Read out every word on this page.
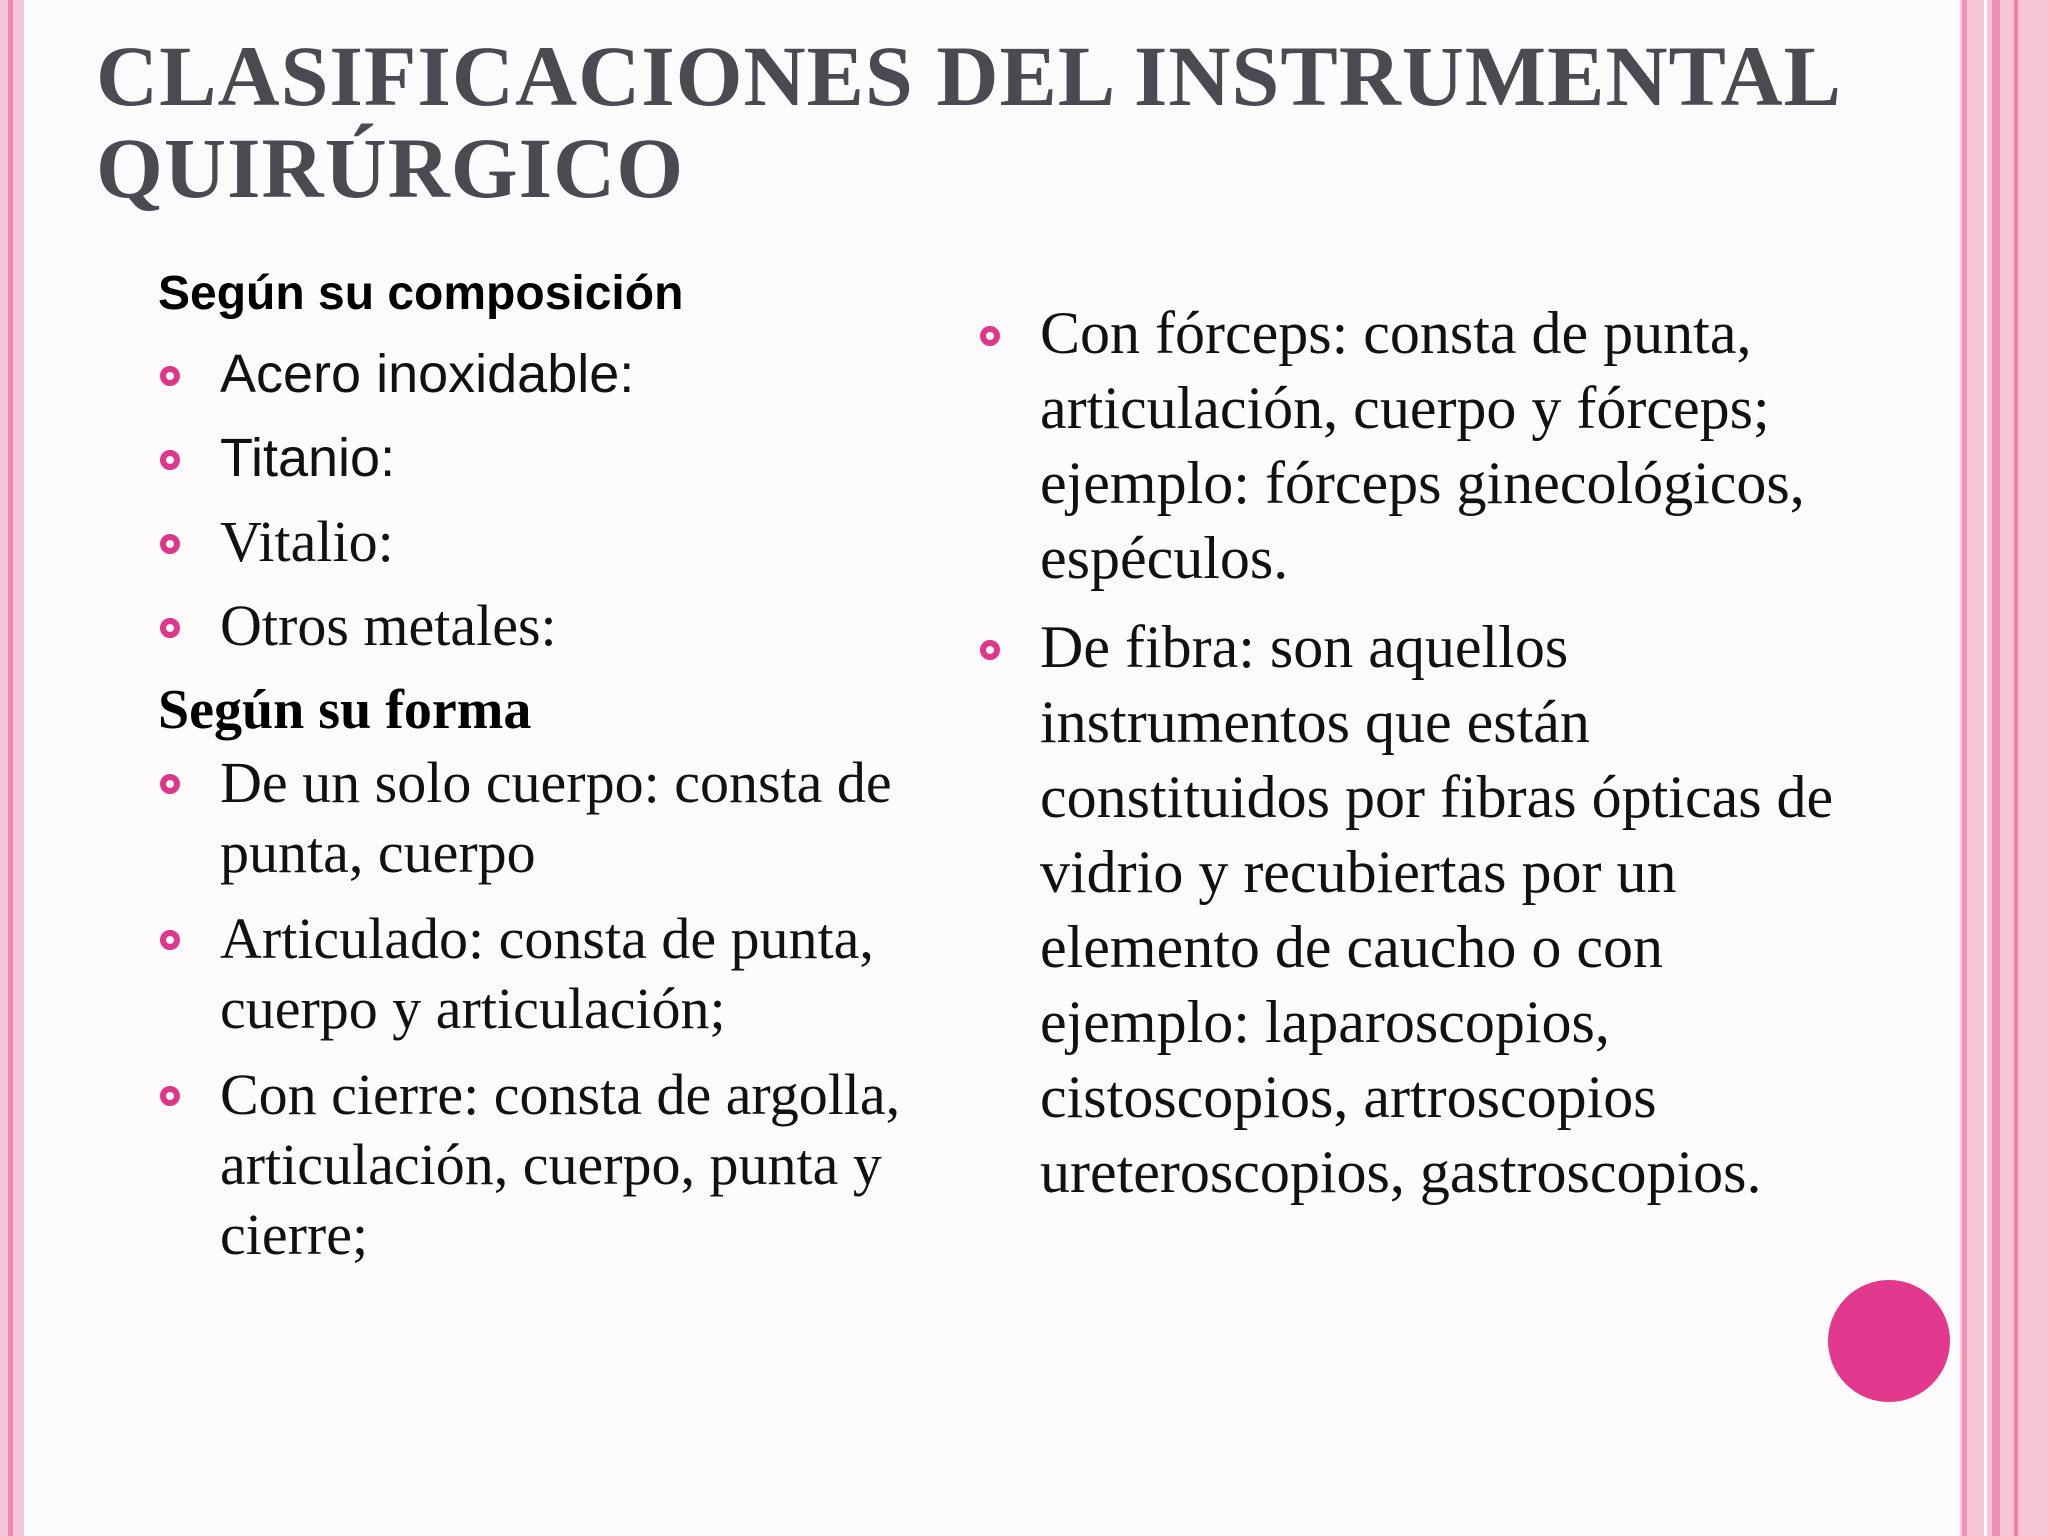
CLASIFICACIONES DEL INSTRUMENTAL QUIRÚRGICO

Según su composición

Acero inoxidable:
Titanio:
Vitalio:
Otros metales:

Según su forma

De un solo cuerpo: consta de punta, cuerpo
Articulado: consta de punta, cuerpo y articulación;
Con cierre: consta de argolla, articulación, cuerpo, punta y cierre;
Con fórceps: consta de punta, articulación, cuerpo y fórceps; ejemplo: fórceps ginecológicos, espéculos.
De fibra: son aquellos instrumentos que están constituidos por fibras ópticas de vidrio y recubiertas por un elemento de caucho o con ejemplo: laparoscopios, cistoscopios, artroscopios ureteroscopios, gastroscopios.
